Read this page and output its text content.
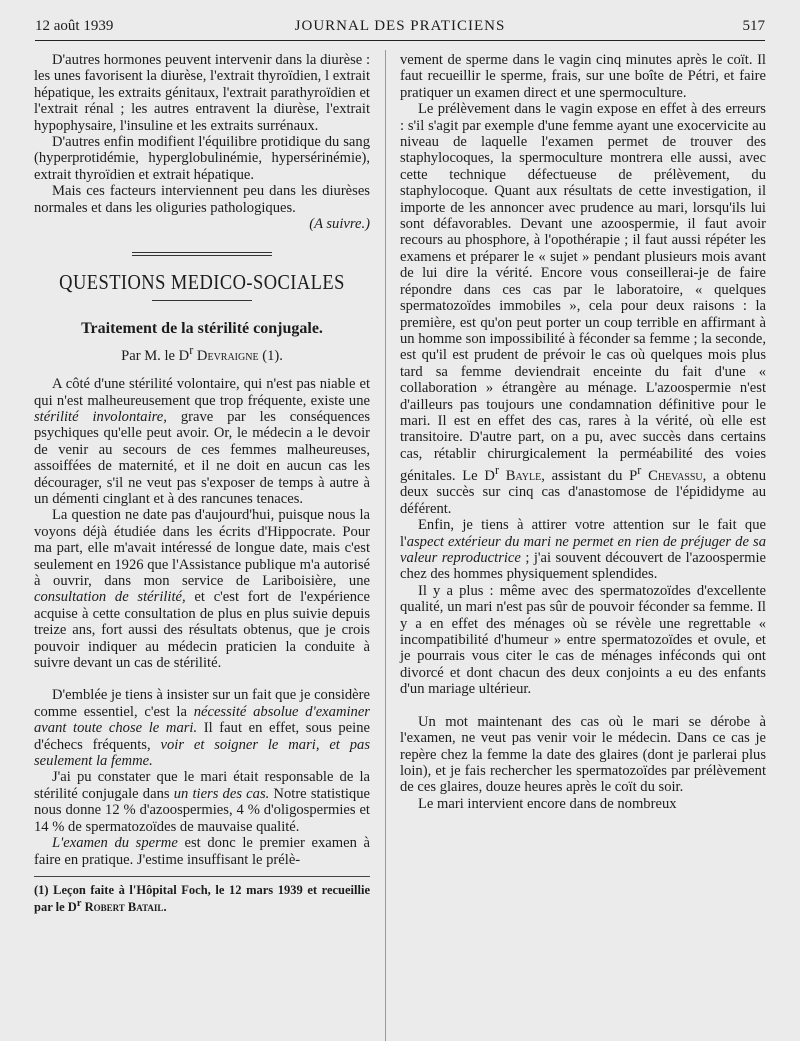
12 août 1939	JOURNAL DES PRATICIENS	517

D'autres hormones peuvent intervenir dans la diurèse : les unes favorisent la diurèse, l'extrait thyroïdien, l extrait hépatique, les extraits génitaux, l'extrait parathyroïdien et l'extrait rénal ; les autres entravent la diurèse, l'extrait hypophysaire, l'insuline et les extraits surrénaux.

D'autres enfin modifient l'équilibre protidique du sang (hyperprotidémie, hyperglobulinémie, hypersérinémie), extrait thyroïdien et extrait hépatique.

Mais ces facteurs interviennent peu dans les diurèses normales et dans les oliguries pathologiques.

(A suivre.)

QUESTIONS MEDICO-SOCIALES

Traitement de la stérilité conjugale.

Par M. le $D^r$ Devraigne (1).

A côté d'une stérilité volontaire, qui n'est pas niable et qui n'est malheureusement que trop fréquente, existe une stérilité involontaire, grave par les conséquences psychiques qu'elle peut avoir. Or, le médecin a le devoir de venir au secours de ces femmes malheureuses, assoiffées de maternité, et il ne doit en aucun cas les décourager, s'il ne veut pas s'exposer de temps à autre à un démenti cinglant et à des rancunes tenaces.

La question ne date pas d'aujourd'hui, puisque nous la voyons déjà étudiée dans les écrits d'Hippocrate. Pour ma part, elle m'avait intéressé de longue date, mais c'est seulement en 1926 que l'Assistance publique m'a autorisé à ouvrir, dans mon service de Lariboisière, une consultation de stérilité, et c'est fort de l'expérience acquise à cette consultation de plus en plus suivie depuis treize ans, fort aussi des résultats obtenus, que je crois pouvoir indiquer au médecin praticien la conduite à suivre devant un cas de stérilité.

D'emblée je tiens à insister sur un fait que je considère comme essentiel, c'est la nécessité absolue d'examiner avant toute chose le mari. Il faut en effet, sous peine d'échecs fréquents, voir et soigner le mari, et pas seulement la femme.

J'ai pu constater que le mari était responsable de la stérilité conjugale dans un tiers des cas. Notre statistique nous donne 12 % d'azoospermies, 4 % d'oligospermies et 14 % de spermatozoïdes de mauvaise qualité.

L'examen du sperme est donc le premier examen à faire en pratique. J'estime insuffisant le prélè-

(1) Leçon faite à l'Hôpital Foch, le 12 mars 1939 et recueillie par le $D^r$ Robert Batail.

vement de sperme dans le vagin cinq minutes après le coït. Il faut recueillir le sperme, frais, sur une boîte de Pétri, et faire pratiquer un examen direct et une spermoculture.

Le prélèvement dans le vagin expose en effet à des erreurs : s'il s'agit par exemple d'une femme ayant une exocervicite au niveau de laquelle l'examen permet de trouver des staphylocoques, la spermoculture montrera elle aussi, avec cette technique défectueuse de prélèvement, du staphylocoque. Quant aux résultats de cette investigation, il importe de les annoncer avec prudence au mari, lorsqu'ils lui sont défavorables. Devant une azoospermie, il faut avoir recours au phosphore, à l'opothérapie ; il faut aussi répéter les examens et préparer le « sujet » pendant plusieurs mois avant de lui dire la vérité. Encore vous conseillerai-je de faire répondre dans ces cas par le laboratoire, « quelques spermatozoïdes immobiles », cela pour deux raisons : la première, est qu'on peut porter un coup terrible en affirmant à un homme son impossibilité à féconder sa femme ; la seconde, est qu'il est prudent de prévoir le cas où quelques mois plus tard sa femme deviendrait enceinte du fait d'une « collaboration » étrangère au ménage. L'azoospermie n'est d'ailleurs pas toujours une condamnation définitive pour le mari. Il est en effet des cas, rares à la vérité, où elle est transitoire. D'autre part, on a pu, avec succès dans certains cas, rétablir chirurgicalement la perméabilité des voies génitales. Le $D^r$ Bayle, assistant du $P^r$ Chevassu, a obtenu deux succès sur cinq cas d'anastomose de l'épididyme au déférent.

Enfin, je tiens à attirer votre attention sur le fait que l'aspect extérieur du mari ne permet en rien de préjuger de sa valeur reproductrice ; j'ai souvent découvert de l'azoospermie chez des hommes physiquement splendides.

Il y a plus : même avec des spermatozoïdes d'excellente qualité, un mari n'est pas sûr de pouvoir féconder sa femme. Il y a en effet des ménages où se révèle une regrettable « incompatibilité d'humeur » entre spermatozoïdes et ovule, et je pourrais vous citer le cas de ménages inféconds qui ont divorcé et dont chacun des deux conjoints a eu des enfants d'un mariage ultérieur.

Un mot maintenant des cas où le mari se dérobe à l'examen, ne veut pas venir voir le médecin. Dans ce cas je repère chez la femme la date des glaires (dont je parlerai plus loin), et je fais rechercher les spermatozoïdes par prélèvement de ces glaires, douze heures après le coït du soir.

Le mari intervient encore dans de nombreux
